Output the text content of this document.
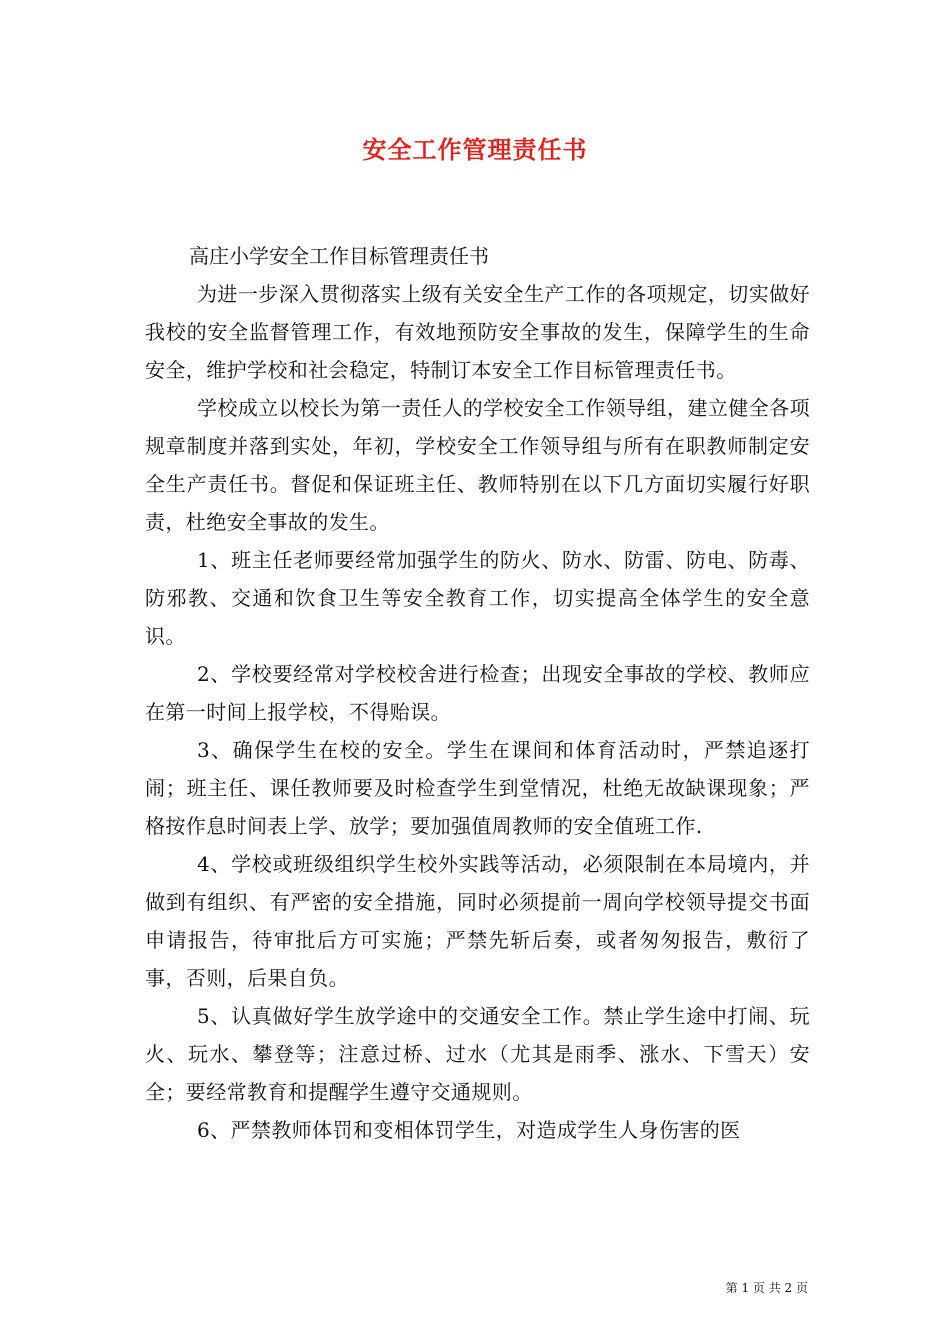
安全工作管理责任书

高庄小学安全工作目标管理责任书

为进一步深入贯彻落实上级有关安全生产工作的各项规定，切实做好我校的安全监督管理工作，有效地预防安全事故的发生，保障学生的生命安全，维护学校和社会稳定，特制订本安全工作目标管理责任书。

学校成立以校长为第一责任人的学校安全工作领导组，建立健全各项规章制度并落到实处，年初，学校安全工作领导组与所有在职教师制定安全生产责任书。督促和保证班主任、教师特别在以下几方面切实履行好职责，杜绝安全事故的发生。

1、班主任老师要经常加强学生的防火、防水、防雷、防电、防毒、防邪教、交通和饮食卫生等安全教育工作，切实提高全体学生的安全意识。

2、学校要经常对学校校舍进行检查；出现安全事故的学校、教师应在第一时间上报学校，不得贻误。

3、确保学生在校的安全。学生在课间和体育活动时，严禁追逐打闹；班主任、课任教师要及时检查学生到堂情况，杜绝无故缺课现象；严格按作息时间表上学、放学；要加强值周教师的安全值班工作.

4、学校或班级组织学生校外实践等活动，必须限制在本局境内，并做到有组织、有严密的安全措施，同时必须提前一周向学校领导提交书面申请报告，待审批后方可实施；严禁先斩后奏，或者匆匆报告，敷衍了事，否则，后果自负。

5、认真做好学生放学途中的交通安全工作。禁止学生途中打闹、玩火、玩水、攀登等；注意过桥、过水（尤其是雨季、涨水、下雪天）安全；要经常教育和提醒学生遵守交通规则。

6、严禁教师体罚和变相体罚学生，对造成学生人身伤害的医

第 1 页 共 2 页
